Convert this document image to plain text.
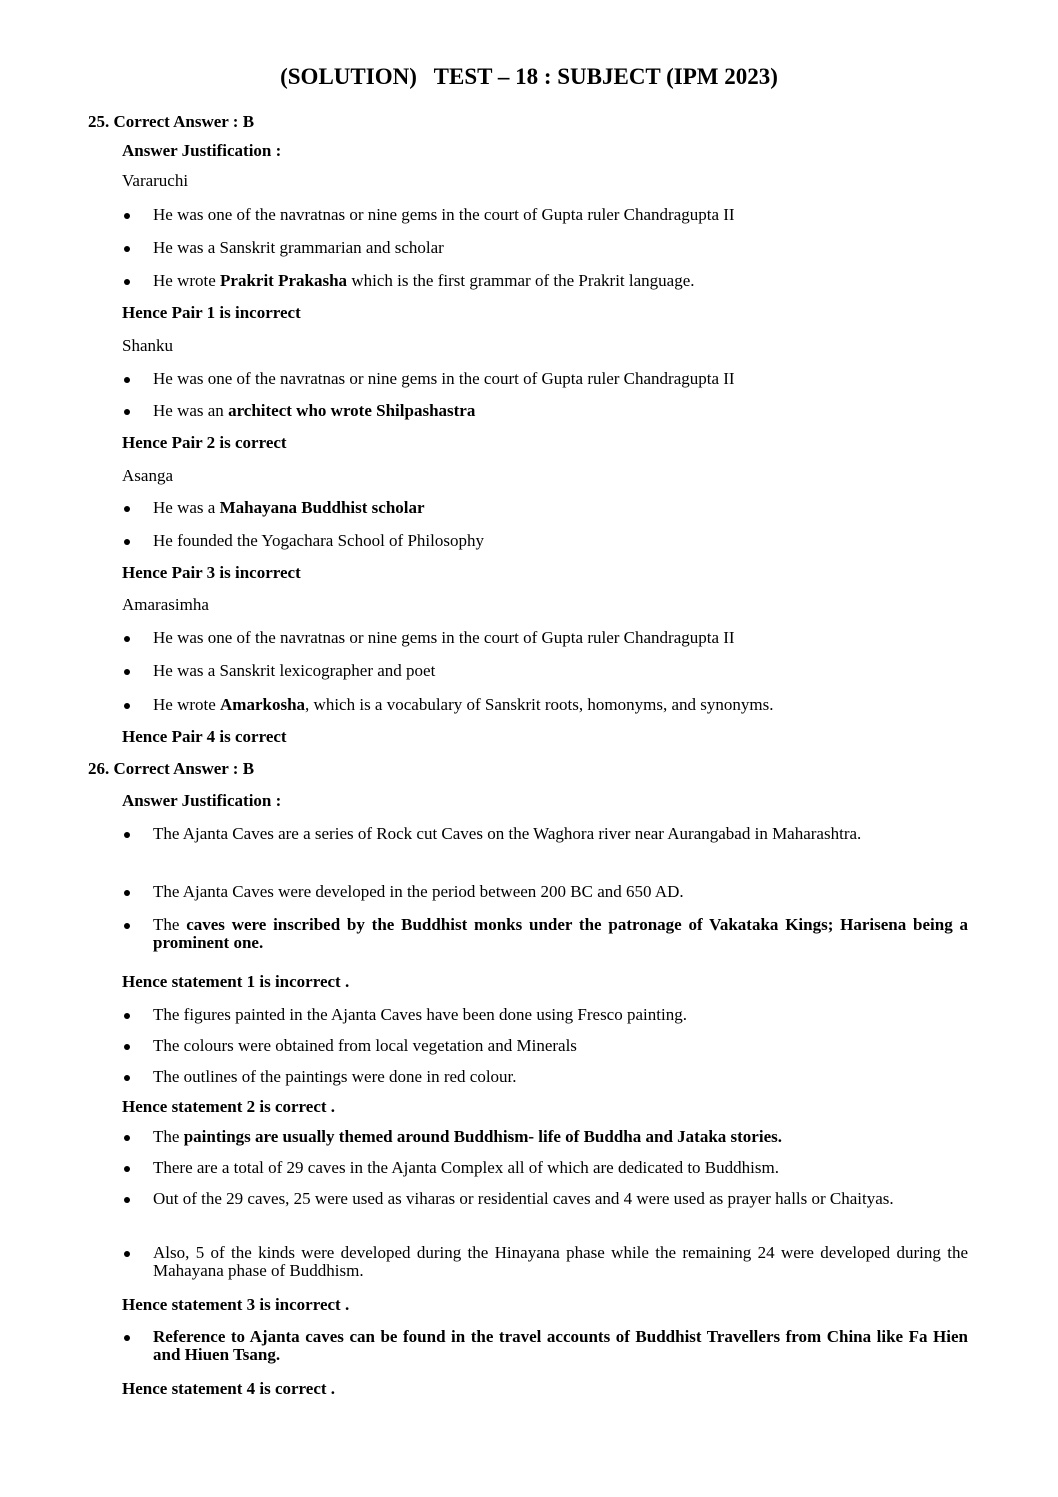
(SOLUTION)   TEST – 18 : SUBJECT (IPM 2023)
25. Correct Answer : B
Answer Justification :
Vararuchi
He was one of the navratnas or nine gems in the court of Gupta ruler Chandragupta II
He was a Sanskrit grammarian and scholar
He wrote Prakrit Prakasha which is the first grammar of the Prakrit language.
Hence Pair 1 is incorrect
Shanku
He was one of the navratnas or nine gems in the court of Gupta ruler Chandragupta II
He was an architect who wrote Shilpashastra
Hence Pair 2 is correct
Asanga
He was a Mahayana Buddhist scholar
He founded the Yogachara School of Philosophy
Hence Pair 3 is incorrect
Amarasimha
He was one of the navratnas or nine gems in the court of Gupta ruler Chandragupta II
He was a Sanskrit lexicographer and poet
He wrote Amarkosha, which is a vocabulary of Sanskrit roots, homonyms, and synonyms.
Hence Pair 4 is correct
26. Correct Answer : B
Answer Justification :
The Ajanta Caves are a series of Rock cut Caves on the Waghora river near Aurangabad in Maharashtra.
The Ajanta Caves were developed in the period between 200 BC and 650 AD.
The caves were inscribed by the Buddhist monks under the patronage of Vakataka Kings; Harisena being a prominent one.
Hence statement 1 is incorrect .
The figures painted in the Ajanta Caves have been done using Fresco painting.
The colours were obtained from local vegetation and Minerals
The outlines of the paintings were done in red colour.
Hence statement 2 is correct .
The paintings are usually themed around Buddhism- life of Buddha and Jataka stories.
There are a total of 29 caves in the Ajanta Complex all of which are dedicated to Buddhism.
Out of the 29 caves, 25 were used as viharas or residential caves and 4 were used as prayer halls or Chaityas.
Also, 5 of the kinds were developed during the Hinayana phase while the remaining 24 were developed during the Mahayana phase of Buddhism.
Hence statement 3 is incorrect .
Reference to Ajanta caves can be found in the travel accounts of Buddhist Travellers from China like Fa Hien and Hiuen Tsang.
Hence statement 4 is correct .
